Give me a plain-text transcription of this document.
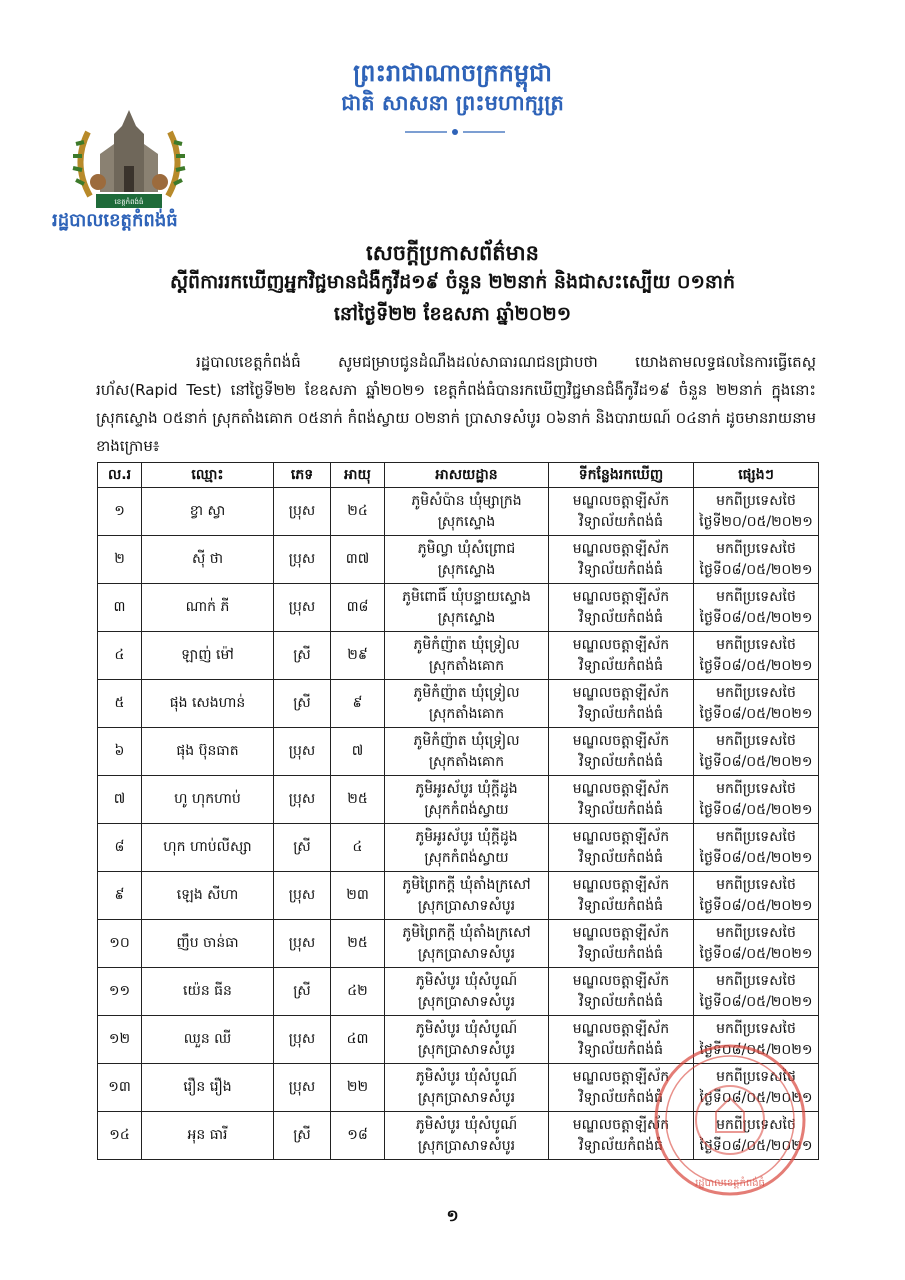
ព្រះរាជាណាចក្រកម្ពុជា
ជាតិ សាសនា ព្រះមហាក្សត្រ
ខេត្តកំពង់ធំ
រដ្ឋបាលខេត្តកំពង់ធំ
សេចក្តីប្រកាសព័ត៌មាន
ស្តីពីការរកឃើញអ្នកវិជ្ជមានជំងឺកូវីដ១៩ ចំនួន ២២នាក់ និងជាសះស្បើយ ០១នាក់
នៅថ្ងៃទី២២ ខែឧសភា ឆ្នាំ២០២១
រដ្ឋបាលខេត្តកំពង់ធំ សូមជម្រាបជូនដំណឹងដល់សាធារណជនជ្រាបថា យោងតាមលទ្ធផលនៃការធ្វើតេស្តរហ័ស(Rapid Test) នៅថ្ងៃទី២២ ខែឧសភា ឆ្នាំ២០២១ ខេត្តកំពង់ធំបានរកឃើញវិជ្ជមានជំងឺកូវីដ១៩ ចំនួន ២២នាក់ ក្នុងនោះ ស្រុកស្ទោង ០៥នាក់ ស្រុកតាំងគោក ០៥នាក់ កំពង់ស្វាយ ០២នាក់ ប្រាសាទសំបូរ ០៦នាក់ និងបារាយណ៍ ០៤នាក់ ដូចមានរាយនាមខាងក្រោម៖
ល.រ	ឈ្មោះ	ភេទ	អាយុ	អាសយដ្ឋាន	ទីកន្លែងរកឃើញ	ផ្សេងៗ
១	ខ្វា ស្វា	ប្រុស	២៤	ភូមិសំប៉ាន ឃុំម្សាក្រង
ស្រុកស្ទោង	មណ្ឌលចត្តាឡីស័ក
វិទ្យាល័យកំពង់ធំ	មកពីប្រទេសថៃ
ថ្ងៃទី២០/០៥/២០២១
២	ស៊ី ថា	ប្រុស	៣៧	ភូមិល្វា ឃុំសំព្រោជ
ស្រុកស្ទោង	មណ្ឌលចត្តាឡីស័ក
វិទ្យាល័យកំពង់ធំ	មកពីប្រទេសថៃ
ថ្ងៃទី០៨/០៥/២០២១
៣	ណាក់ ភី	ប្រុស	៣៨	ភូមិពោធិ៍ ឃុំបន្ទាយស្ទោង
ស្រុកស្ទោង	មណ្ឌលចត្តាឡីស័ក
វិទ្យាល័យកំពង់ធំ	មកពីប្រទេសថៃ
ថ្ងៃទី០៨/០៥/២០២១
៤	ឡាញ់ ម៉ៅ	ស្រី	២៩	ភូមិកំញ៉ាត ឃុំទ្រៀល
ស្រុកតាំងគោក	មណ្ឌលចត្តាឡីស័ក
វិទ្យាល័យកំពង់ធំ	មកពីប្រទេសថៃ
ថ្ងៃទី០៨/០៥/២០២១
៥	ផុង សេងហាន់	ស្រី	៩	ភូមិកំញ៉ាត ឃុំទ្រៀល
ស្រុកតាំងគោក	មណ្ឌលចត្តាឡីស័ក
វិទ្យាល័យកំពង់ធំ	មកពីប្រទេសថៃ
ថ្ងៃទី០៨/០៥/២០២១
៦	ផុង ប៊ុនធាត	ប្រុស	៧	ភូមិកំញ៉ាត ឃុំទ្រៀល
ស្រុកតាំងគោក	មណ្ឌលចត្តាឡីស័ក
វិទ្យាល័យកំពង់ធំ	មកពីប្រទេសថៃ
ថ្ងៃទី០៨/០៥/២០២១
៧	ហូ ហុកហាប់	ប្រុស	២៥	ភូមិអូរស័បូរ ឃុំក្តីដូង
ស្រុកកំពង់ស្វាយ	មណ្ឌលចត្តាឡីស័ក
វិទ្យាល័យកំពង់ធំ	មកពីប្រទេសថៃ
ថ្ងៃទី០៨/០៥/២០២១
៨	ហុក ហាប់លីស្សា	ស្រី	៤	ភូមិអូរស័បូរ ឃុំក្តីដូង
ស្រុកកំពង់ស្វាយ	មណ្ឌលចត្តាឡីស័ក
វិទ្យាល័យកំពង់ធំ	មកពីប្រទេសថៃ
ថ្ងៃទី០៨/០៥/២០២១
៩	ឡេង សីហា	ប្រុស	២៣	ភូមិព្រៃកក្តី ឃុំតាំងក្រសៅ
ស្រុកប្រាសាទសំបូរ	មណ្ឌលចត្តាឡីស័ក
វិទ្យាល័យកំពង់ធំ	មកពីប្រទេសថៃ
ថ្ងៃទី០៨/០៥/២០២១
១០	ញឹប ចាន់ធា	ប្រុស	២៥	ភូមិព្រៃកក្តី ឃុំតាំងក្រសៅ
ស្រុកប្រាសាទសំបូរ	មណ្ឌលចត្តាឡីស័ក
វិទ្យាល័យកំពង់ធំ	មកពីប្រទេសថៃ
ថ្ងៃទី០៨/០៥/២០២១
១១	យ៉េន ធីន	ស្រី	៤២	ភូមិសំបូរ ឃុំសំបូណ៍
ស្រុកប្រាសាទសំបូរ	មណ្ឌលចត្តាឡីស័ក
វិទ្យាល័យកំពង់ធំ	មកពីប្រទេសថៃ
ថ្ងៃទី០៨/០៥/២០២១
១២	ឈួន ឈី	ប្រុស	៤៣	ភូមិសំបូរ ឃុំសំបូណ៍
ស្រុកប្រាសាទសំបូរ	មណ្ឌលចត្តាឡីស័ក
វិទ្យាល័យកំពង់ធំ	មកពីប្រទេសថៃ
ថ្ងៃទី០៨/០៥/២០២១
១៣	រឿន រឿង	ប្រុស	២២	ភូមិសំបូរ ឃុំសំបូណ៍
ស្រុកប្រាសាទសំបូរ	មណ្ឌលចត្តាឡីស័ក
វិទ្យាល័យកំពង់ធំ	មកពីប្រទេសថៃ
ថ្ងៃទី០៨/០៥/២០២១
១៤	អុន ធារី	ស្រី	១៨	ភូមិសំបូរ ឃុំសំបូណ៍
ស្រុកប្រាសាទសំបូរ	មណ្ឌលចត្តាឡីស័ក
វិទ្យាល័យកំពង់ធំ	មកពីប្រទេសថៃ
ថ្ងៃទី០៨/០៥/២០២១
រដ្ឋបាលខេត្តកំពង់ធំ
១
